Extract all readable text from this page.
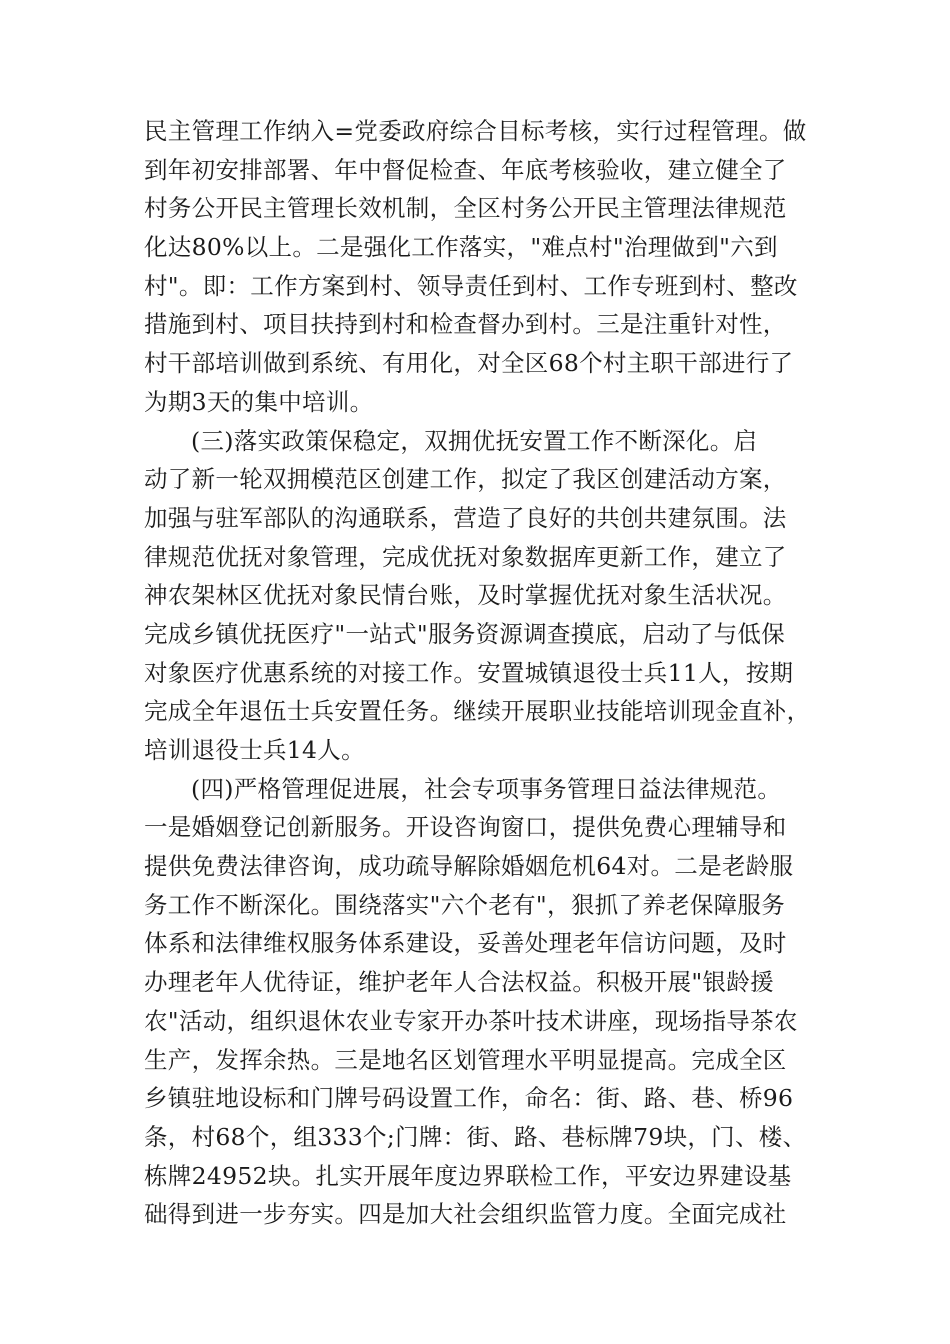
民主管理工作纳入=党委政府综合目标考核，实行过程管理。做
到年初安排部署、年中督促检查、年底考核验收，建立健全了
村务公开民主管理长效机制，全区村务公开民主管理法律规范
化达80%以上。二是强化工作落实，"难点村"治理做到"六到
村"。即：工作方案到村、领导责任到村、工作专班到村、整改
措施到村、项目扶持到村和检查督办到村。三是注重针对性，
村干部培训做到系统、有用化，对全区68个村主职干部进行了
为期3天的集中培训。
(三)落实政策保稳定，双拥优抚安置工作不断深化。启
动了新一轮双拥模范区创建工作，拟定了我区创建活动方案，
加强与驻军部队的沟通联系，营造了良好的共创共建氛围。法
律规范优抚对象管理，完成优抚对象数据库更新工作，建立了
神农架林区优抚对象民情台账，及时掌握优抚对象生活状况。
完成乡镇优抚医疗"一站式"服务资源调查摸底，启动了与低保
对象医疗优惠系统的对接工作。安置城镇退役士兵11人，按期
完成全年退伍士兵安置任务。继续开展职业技能培训现金直补，
培训退役士兵14人。
(四)严格管理促进展，社会专项事务管理日益法律规范。
一是婚姻登记创新服务。开设咨询窗口，提供免费心理辅导和
提供免费法律咨询，成功疏导解除婚姻危机64对。二是老龄服
务工作不断深化。围绕落实"六个老有"，狠抓了养老保障服务
体系和法律维权服务体系建设，妥善处理老年信访问题，及时
办理老年人优待证，维护老年人合法权益。积极开展"银龄援
农"活动，组织退休农业专家开办茶叶技术讲座，现场指导茶农
生产，发挥余热。三是地名区划管理水平明显提高。完成全区
乡镇驻地设标和门牌号码设置工作，命名：街、路、巷、桥96
条，村68个，组333个;门牌：街、路、巷标牌79块，门、楼、
栋牌24952块。扎实开展年度边界联检工作，平安边界建设基
础得到进一步夯实。四是加大社会组织监管力度。全面完成社
